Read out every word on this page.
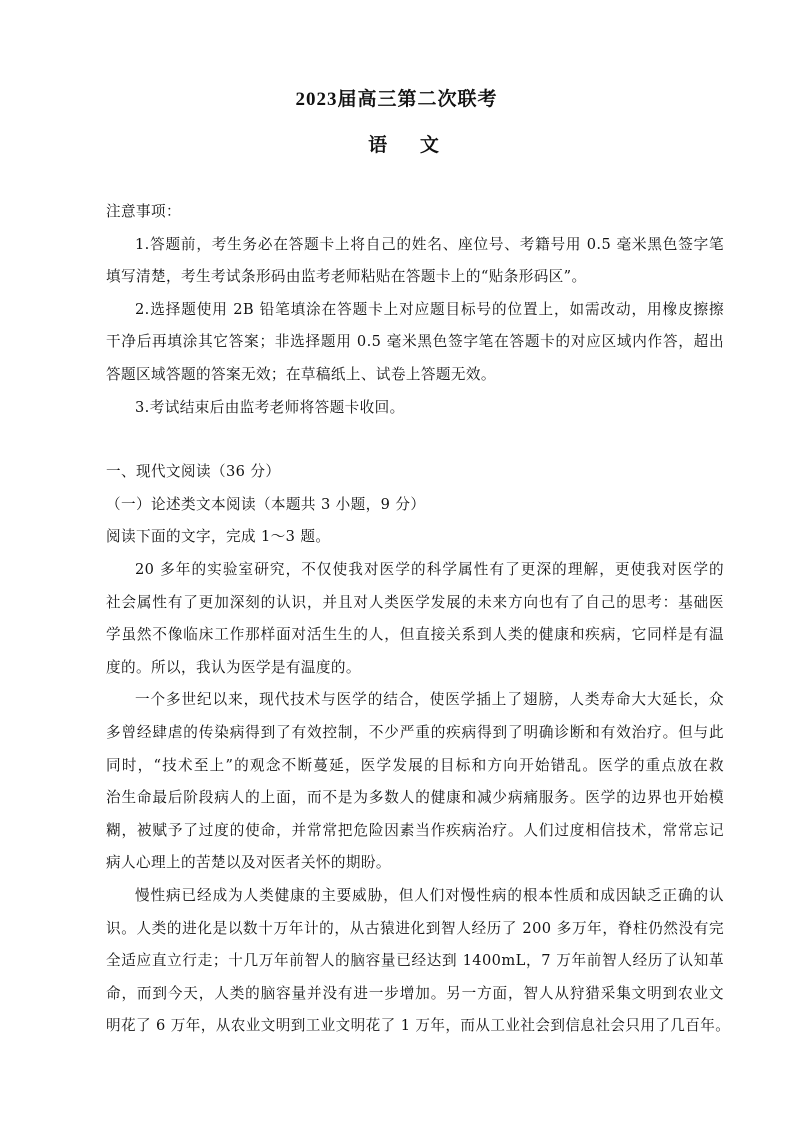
2023届高三第二次联考
语 文
注意事项：
1.答题前，考生务必在答题卡上将自己的姓名、座位号、考籍号用 0.5 毫米黑色签字笔
填写清楚，考生考试条形码由监考老师粘贴在答题卡上的“贴条形码区”。
2.选择题使用 2B 铅笔填涂在答题卡上对应题目标号的位置上，如需改动，用橡皮擦擦
干净后再填涂其它答案；非选择题用 0.5 毫米黑色签字笔在答题卡的对应区域内作答，超出
答题区域答题的答案无效；在草稿纸上、试卷上答题无效。
3.考试结束后由监考老师将答题卡收回。
一、现代文阅读（36 分）
（一）论述类文本阅读（本题共 3 小题，9 分）
阅读下面的文字，完成 1～3 题。
20 多年的实验室研究，不仅使我对医学的科学属性有了更深的理解，更使我对医学的
社会属性有了更加深刻的认识，并且对人类医学发展的未来方向也有了自己的思考：基础医
学虽然不像临床工作那样面对活生生的人，但直接关系到人类的健康和疾病，它同样是有温
度的。所以，我认为医学是有温度的。
一个多世纪以来，现代技术与医学的结合，使医学插上了翅膀，人类寿命大大延长，众
多曾经肆虐的传染病得到了有效控制，不少严重的疾病得到了明确诊断和有效治疗。但与此
同时，“技术至上”的观念不断蔓延，医学发展的目标和方向开始错乱。医学的重点放在救
治生命最后阶段病人的上面，而不是为多数人的健康和减少病痛服务。医学的边界也开始模
糊，被赋予了过度的使命，并常常把危险因素当作疾病治疗。人们过度相信技术，常常忘记
病人心理上的苦楚以及对医者关怀的期盼。
慢性病已经成为人类健康的主要威胁，但人们对慢性病的根本性质和成因缺乏正确的认
识。人类的进化是以数十万年计的，从古猿进化到智人经历了 200 多万年，脊柱仍然没有完
全适应直立行走；十几万年前智人的脑容量已经达到 1400mL，7 万年前智人经历了认知革
命，而到今天，人类的脑容量并没有进一步增加。另一方面，智人从狩猎采集文明到农业文
明花了 6 万年，从农业文明到工业文明花了 1 万年，而从工业社会到信息社会只用了几百年。
